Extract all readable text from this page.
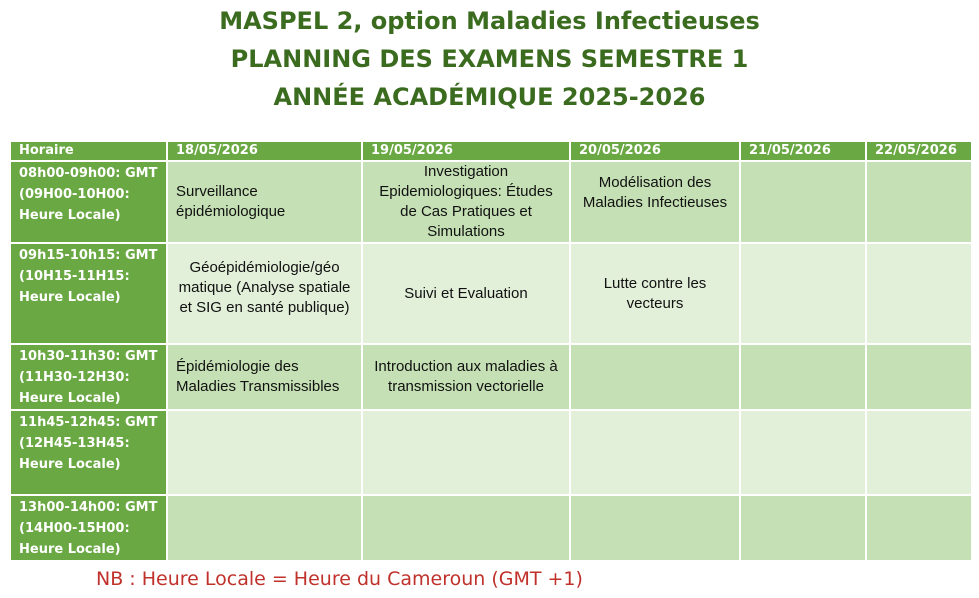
MASPEL 2, option Maladies Infectieuses
PLANNING DES EXAMENS SEMESTRE 1
ANNÉE ACADÉMIQUE 2025-2026
Horaire	18/05/2026	19/05/2026	20/05/2026	21/05/2026	22/05/2026

08h00-09h00: GMT
(09H00-10H00:
Heure Locale)	Surveillance épidémiologique	Investigation Epidemiologiques: Études de Cas Pratiques et Simulations	Modélisation des Maladies Infectieuses		

09h15-10h15: GMT
(10H15-11H15:
Heure Locale)	Géoépidémiologie/géo matique (Analyse spatiale et SIG en santé publique)	Suivi et Evaluation	Lutte contre les vecteurs		

10h30-11h30: GMT
(11H30-12H30:
Heure Locale)	Épidémiologie des Maladies Transmissibles	Introduction aux maladies à transmission vectorielle			

11h45-12h45: GMT
(12H45-13H45:
Heure Locale)					

13h00-14h00: GMT
(14H00-15H00:
Heure Locale)					

NB : Heure Locale = Heure du Cameroun (GMT +1)
